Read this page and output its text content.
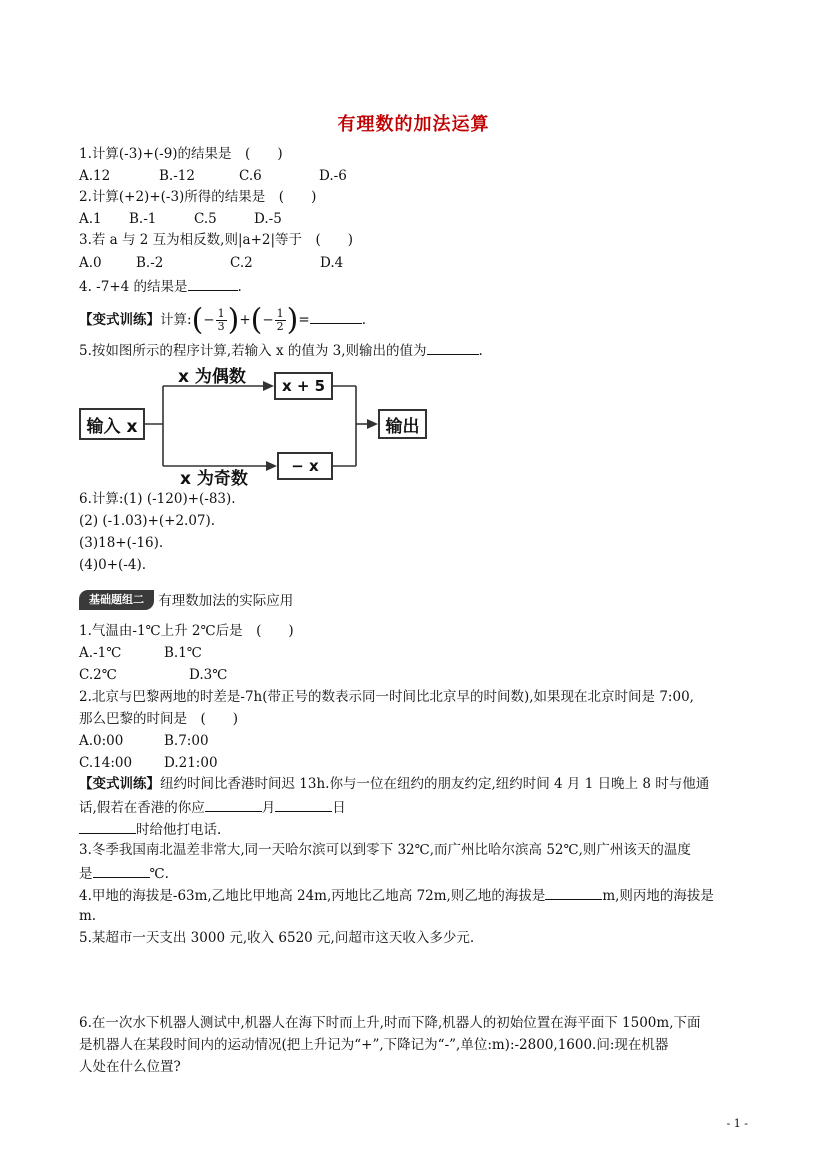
有理数的加法运算
1.计算(-3)+(-9)的结果是　(　　)
A.12	B.-12	C.6	D.-6
2.计算(+2)+(-3)所得的结果是　(　　)
A.1 B.-1	C.5	D.-5
3.若 a 与 2 互为相反数,则|a+2|等于　(　　)
A.0	B.-2	C.2	D.4
4. -7+4 的结果是	.
【变式训练】计算:(− $\frac{1}{3}$ )+(− $\frac{1}{2}$ )=	.
5.按如图所示的程序计算,若输入 x 的值为 3,则输出的值为	.
输入 x
x 为偶数
x 为奇数
x + 5
− x
输出
6.计算:(1) (-120)+(-83).
(2) (-1.03)+(+2.07).
(3)18+(-16).
(4)0+(-4).
基础题组二 有理数加法的实际应用
1.气温由-1℃上升 2℃后是　(　　)
A.-1℃	B.1℃
C.2℃	D.3℃
2.北京与巴黎两地的时差是-7h(带正号的数表示同一时间比北京早的时间数),如果现在北京时间是 7:00,
那么巴黎的时间是　(　　)
A.0:00	B.7:00
C.14:00 D.21:00
【变式训练】纽约时间比香港时间迟 13h.你与一位在纽约的朋友约定,纽约时间 4 月 1 日晚上 8 时与他通
话,假若在香港的你应	月	日
时给他打电话.
3.冬季我国南北温差非常大,同一天哈尔滨可以到零下 32℃,而广州比哈尔滨高 52℃,则广州该天的温度
是	℃.
4.甲地的海拔是-63m,乙地比甲地高 24m,丙地比乙地高 72m,则乙地的海拔是	m,则丙地的海拔是
m.
5.某超市一天支出 3000 元,收入 6520 元,问超市这天收入多少元.
6.在一次水下机器人测试中,机器人在海下时而上升,时而下降,机器人的初始位置在海平面下 1500m,下面
是机器人在某段时间内的运动情况(把上升记为“+”,下降记为“-”,单位:m):-2800,1600.问:现在机器
人处在什么位置?
- 1 -
